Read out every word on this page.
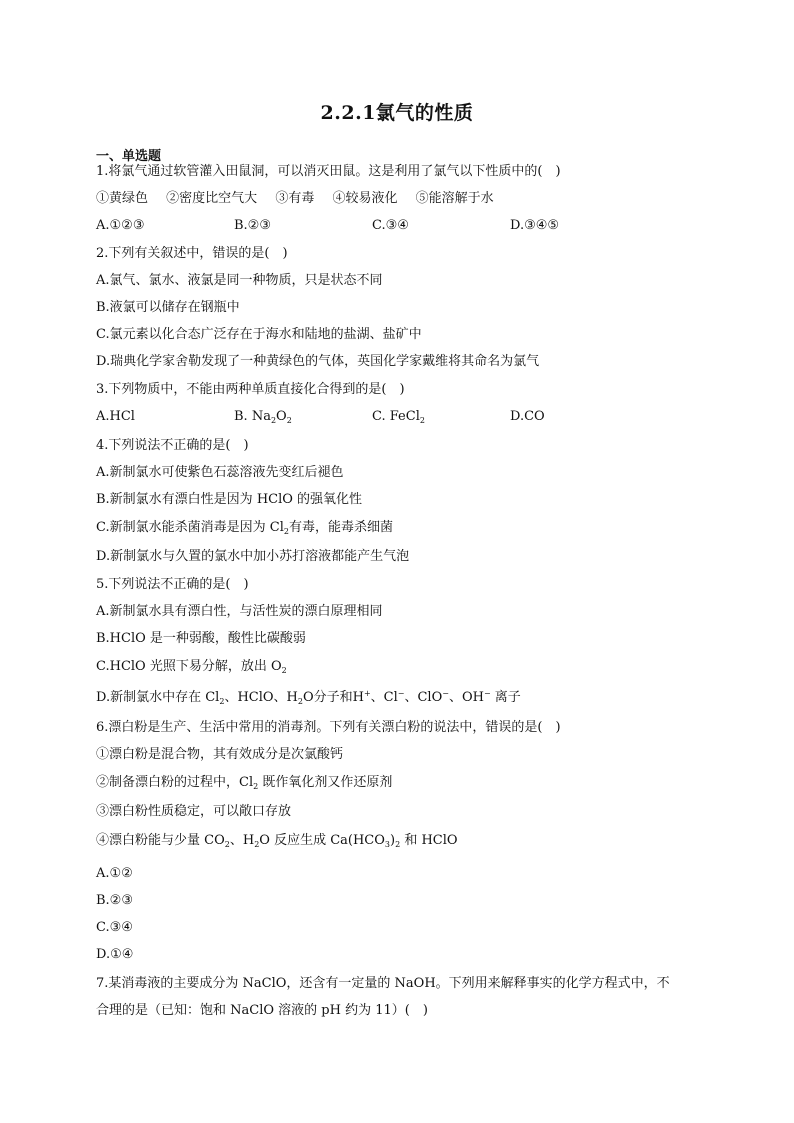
2.2.1氯气的性质
一、单选题
1.将氯气通过软管灌入田鼠洞，可以消灭田鼠。这是利用了氯气以下性质中的(　)
①黄绿色 ②密度比空气大 ③有毒 ④较易液化 ⑤能溶解于水
A.①②③	B.②③	C.③④	D.③④⑤
2.下列有关叙述中，错误的是(　)
A.氯气、氯水、液氯是同一种物质，只是状态不同
B.液氯可以储存在钢瓶中
C.氯元素以化合态广泛存在于海水和陆地的盐湖、盐矿中
D.瑞典化学家舍勒发现了一种黄绿色的气体，英国化学家戴维将其命名为氯气
3.下列物质中，不能由两种单质直接化合得到的是(　)
A.HCl	B. $Na_2O_2$	C. FeCl$_2$	D.CO
4.下列说法不正确的是(　)
A.新制氯水可使紫色石蕊溶液先变红后褪色
B.新制氯水有漂白性是因为 HClO 的强氧化性
C.新制氯水能杀菌消毒是因为 $Cl_2$有毒，能毒杀细菌
D.新制氯水与久置的氯水中加小苏打溶液都能产生气泡
5.下列说法不正确的是(　)
A.新制氯水具有漂白性，与活性炭的漂白原理相同
B.HClO 是一种弱酸，酸性比碳酸弱
C.HClO 光照下易分解，放出 $O_2$
D.新制氯水中存在 $Cl_2$、HClO、$H_2O$分子和H+、Cl−、ClO−、OH− 离子
6.漂白粉是生产、生活中常用的消毒剂。下列有关漂白粉的说法中，错误的是(　)
①漂白粉是混合物，其有效成分是次氯酸钙
②制备漂白粉的过程中，$Cl_2$ 既作氧化剂又作还原剂
③漂白粉性质稳定，可以敞口存放
④漂白粉能与少量 $CO_2$、$H_2O$ 反应生成 $Ca(HCO_3)_2$ 和 HClO
A.①②
B.②③
C.③④
D.①④
7.某消毒液的主要成分为 NaClO，还含有一定量的 NaOH。下列用来解释事实的化学方程式中，不
合理的是（已知：饱和 NaClO 溶液的 pH 约为 11）(　)
